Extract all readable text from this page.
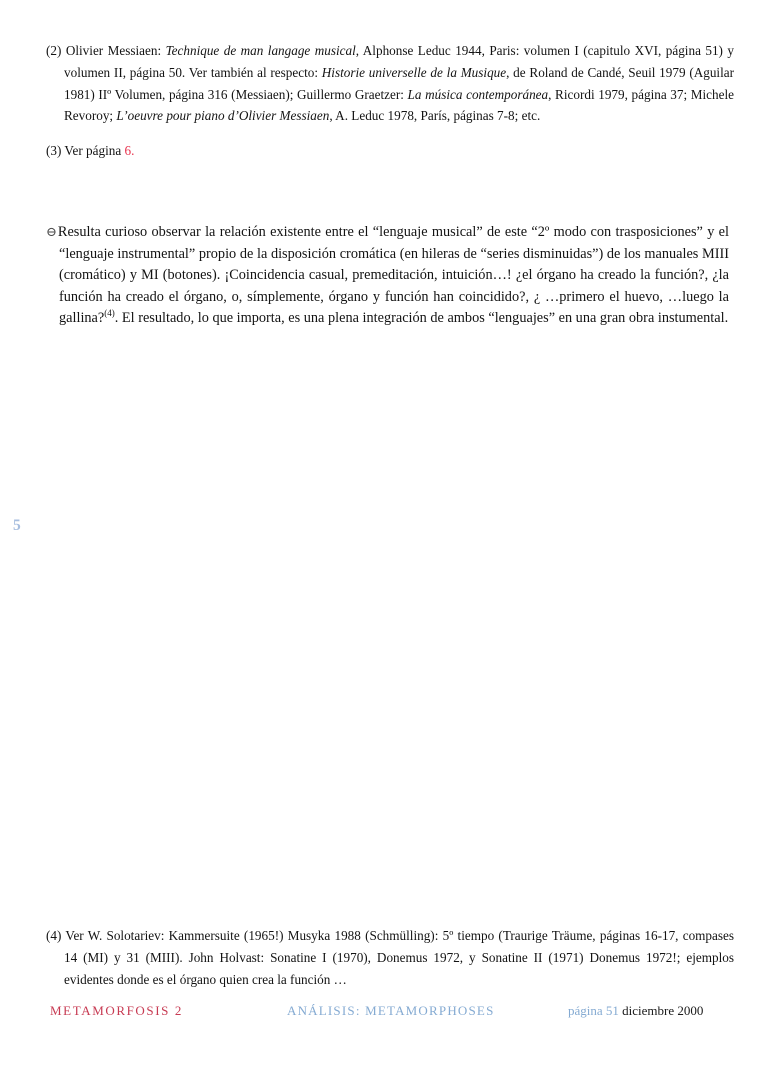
(2) Olivier Messiaen: Technique de man langage musical, Alphonse Leduc 1944, Paris: volumen I (capitulo XVI, página 51) y volumen II, página 50. Ver también al respecto: Historie universelle de la Musique, de Roland de Candé, Seuil 1979 (Aguilar 1981) IIº Volumen, página 316 (Messiaen); Guillermo Graetzer: La música contemporánea, Ricordi 1979, página 37; Michele Revoroy; L’oeuvre pour piano d’Olivier Messiaen, A. Leduc 1978, París, páginas 7-8; etc.

(3) Ver página 6.

⊖Resulta curioso observar la relación existente entre el “lenguaje musical” de este “2º modo con trasposiciones” y el “lenguaje instrumental” propio de la disposición cromática (en hileras de “series disminuidas”) de los manuales MIII (cromático) y MI (botones). ¡Coincidencia casual, premeditación, intuición…! ¿el órgano ha creado la función?, ¿la función ha creado el órgano, o, símplemente, órgano y función han coincidido?, ¿ …primero el huevo, …luego la gallina?$^{(4)}$. El resultado, lo que importa, es una plena integración de ambos “lenguajes” en una gran obra instumental.

5

(4) Ver W. Solotariev: Kammersuite (1965!) Musyka 1988 (Schmülling): 5º tiempo (Traurige Träume, páginas 16-17, compases 14 (MI) y 31 (MIII). John Holvast: Sonatine I (1970), Donemus 1972, y Sonatine II (1971) Donemus 1972!; ejemplos evidentes donde es el órgano quien crea la función …

METAMORFOSIS 2	ANÁLISIS: METAMORPHOSES	página 51 diciembre 2000
